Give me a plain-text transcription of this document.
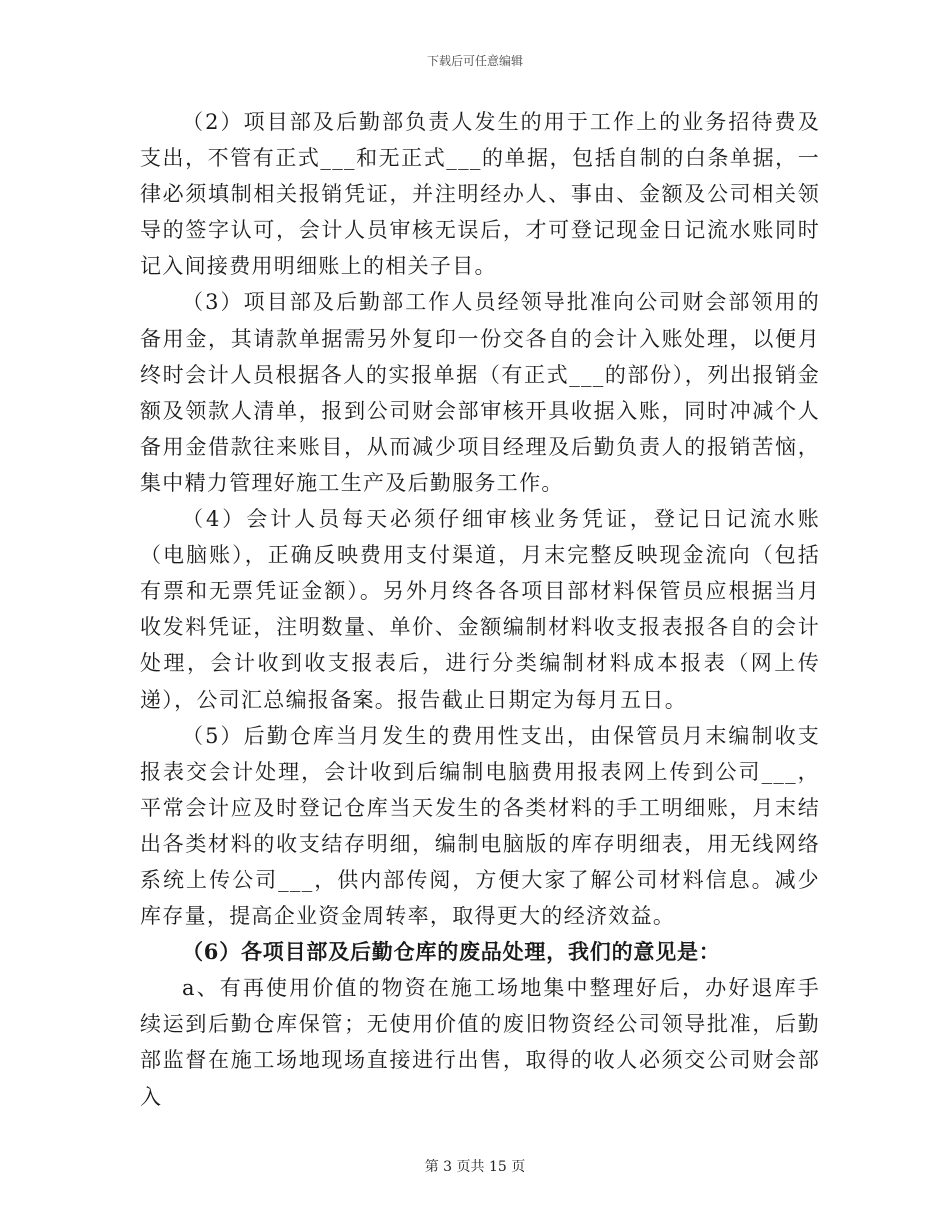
下载后可任意编辑

（2）项目部及后勤部负责人发生的用于工作上的业务招待费及支出，不管有正式___和无正式___的单据，包括自制的白条单据，一律必须填制相关报销凭证，并注明经办人、事由、金额及公司相关领导的签字认可，会计人员审核无误后，才可登记现金日记流水账同时记入间接费用明细账上的相关子目。

（3）项目部及后勤部工作人员经领导批准向公司财会部领用的备用金，其请款单据需另外复印一份交各自的会计入账处理，以便月终时会计人员根据各人的实报单据（有正式___的部份），列出报销金额及领款人清单，报到公司财会部审核开具收据入账，同时冲减个人备用金借款往来账目，从而减少项目经理及后勤负责人的报销苦恼，集中精力管理好施工生产及后勤服务工作。

（4）会计人员每天必须仔细审核业务凭证，登记日记流水账（电脑账），正确反映费用支付渠道，月末完整反映现金流向（包括有票和无票凭证金额）。另外月终各各项目部材料保管员应根据当月收发料凭证，注明数量、单价、金额编制材料收支报表报各自的会计处理，会计收到收支报表后，进行分类编制材料成本报表（网上传递），公司汇总编报备案。报告截止日期定为每月五日。

（5）后勤仓库当月发生的费用性支出，由保管员月末编制收支报表交会计处理，会计收到后编制电脑费用报表网上传到公司___，平常会计应及时登记仓库当天发生的各类材料的手工明细账，月末结出各类材料的收支结存明细，编制电脑版的库存明细表，用无线网络系统上传公司___，供内部传阅，方便大家了解公司材料信息。减少库存量，提高企业资金周转率，取得更大的经济效益。

（6）各项目部及后勤仓库的废品处理，我们的意见是：

a、有再使用价值的物资在施工场地集中整理好后，办好退库手续运到后勤仓库保管；无使用价值的废旧物资经公司领导批准，后勤部监督在施工场地现场直接进行出售，取得的收人必须交公司财会部入

第 3 页共 15 页
